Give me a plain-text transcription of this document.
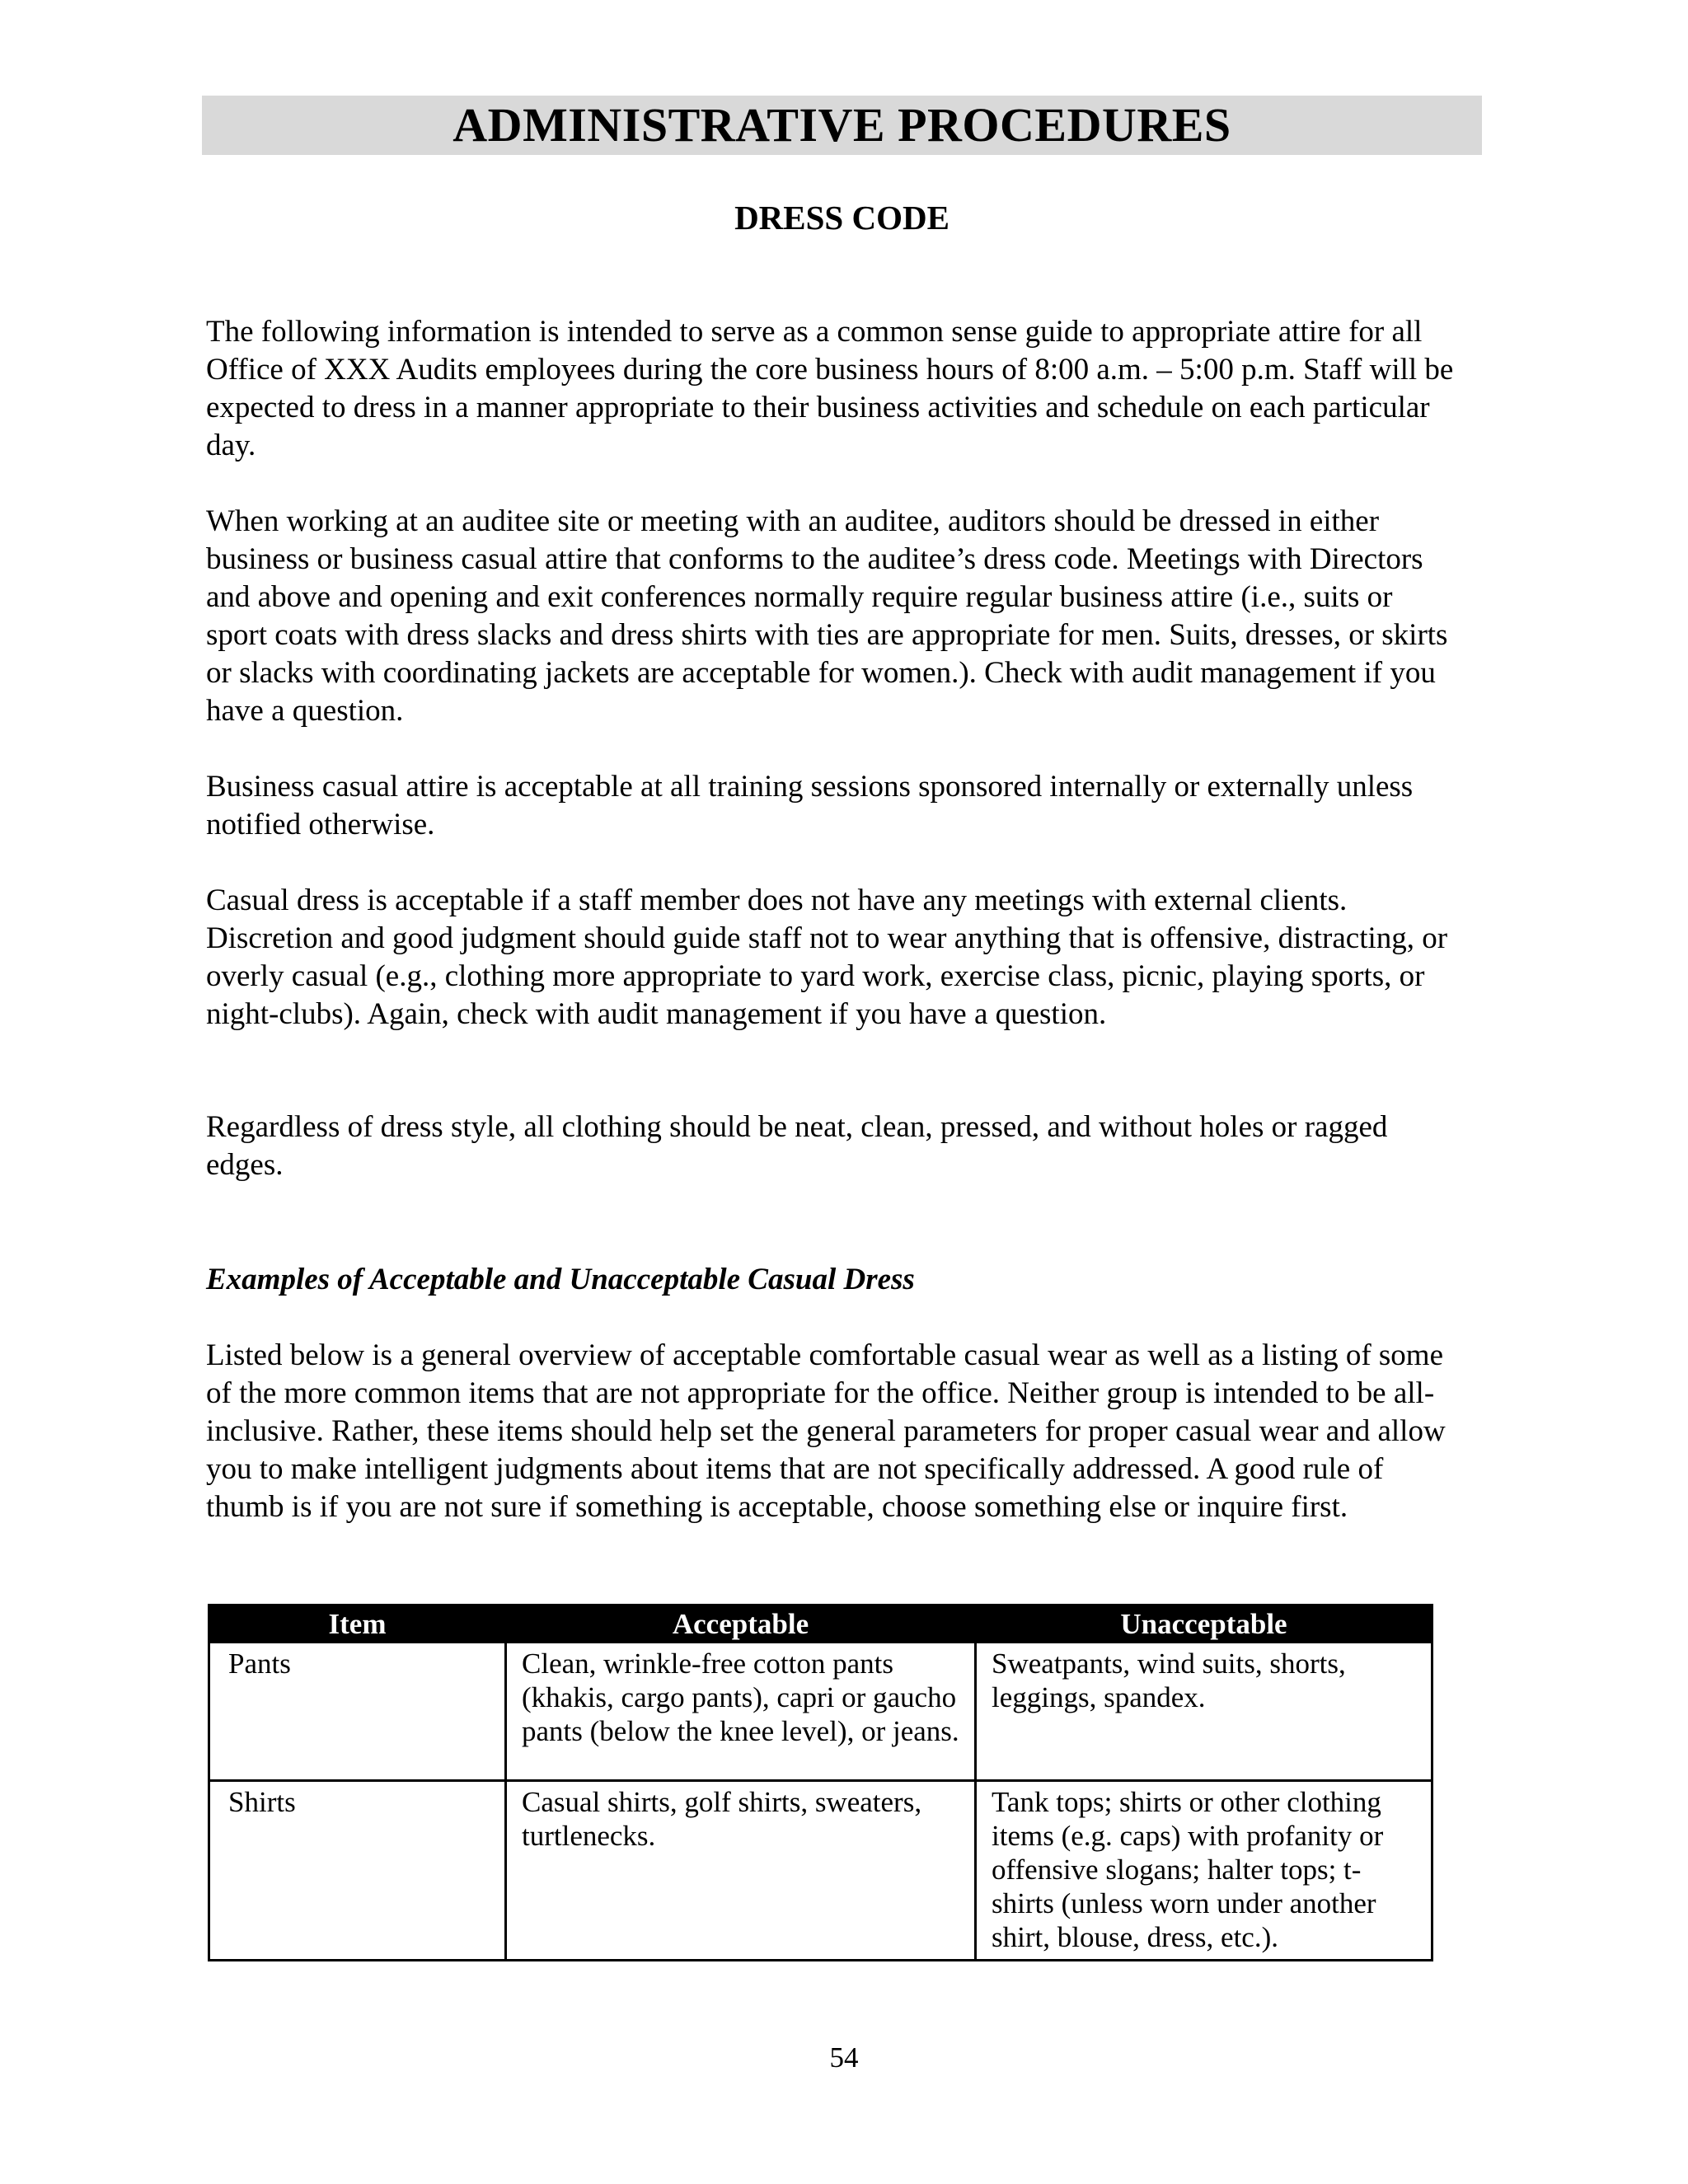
ADMINISTRATIVE PROCEDURES
DRESS CODE

The following information is intended to serve as a common sense guide to appropriate attire for all Office of XXX Audits employees during the core business hours of 8:00 a.m. – 5:00 p.m. Staff will be expected to dress in a manner appropriate to their business activities and schedule on each particular day.

When working at an auditee site or meeting with an auditee, auditors should be dressed in either business or business casual attire that conforms to the auditee’s dress code. Meetings with Directors and above and opening and exit conferences normally require regular business attire (i.e., suits or sport coats with dress slacks and dress shirts with ties are appropriate for men. Suits, dresses, or skirts or slacks with coordinating jackets are acceptable for women.). Check with audit management if you have a question.

Business casual attire is acceptable at all training sessions sponsored internally or externally unless notified otherwise.

Casual dress is acceptable if a staff member does not have any meetings with external clients. Discretion and good judgment should guide staff not to wear anything that is offensive, distracting, or overly casual (e.g., clothing more appropriate to yard work, exercise class, picnic, playing sports, or night-clubs). Again, check with audit management if you have a question.

Regardless of dress style, all clothing should be neat, clean, pressed, and without holes or ragged edges.

Examples of Acceptable and Unacceptable Casual Dress

Listed below is a general overview of acceptable comfortable casual wear as well as a listing of some of the more common items that are not appropriate for the office. Neither group is intended to be all-inclusive. Rather, these items should help set the general parameters for proper casual wear and allow you to make intelligent judgments about items that are not specifically addressed. A good rule of thumb is if you are not sure if something is acceptable, choose something else or inquire first.

Item	Acceptable	Unacceptable
Pants	Clean, wrinkle-free cotton pants (khakis, cargo pants), capri or gaucho pants (below the knee level), or jeans.	Sweatpants, wind suits, shorts, leggings, spandex.
Shirts	Casual shirts, golf shirts, sweaters, turtlenecks.	Tank tops; shirts or other clothing items (e.g. caps) with profanity or offensive slogans; halter tops; t-shirts (unless worn under another shirt, blouse, dress, etc.).
54
